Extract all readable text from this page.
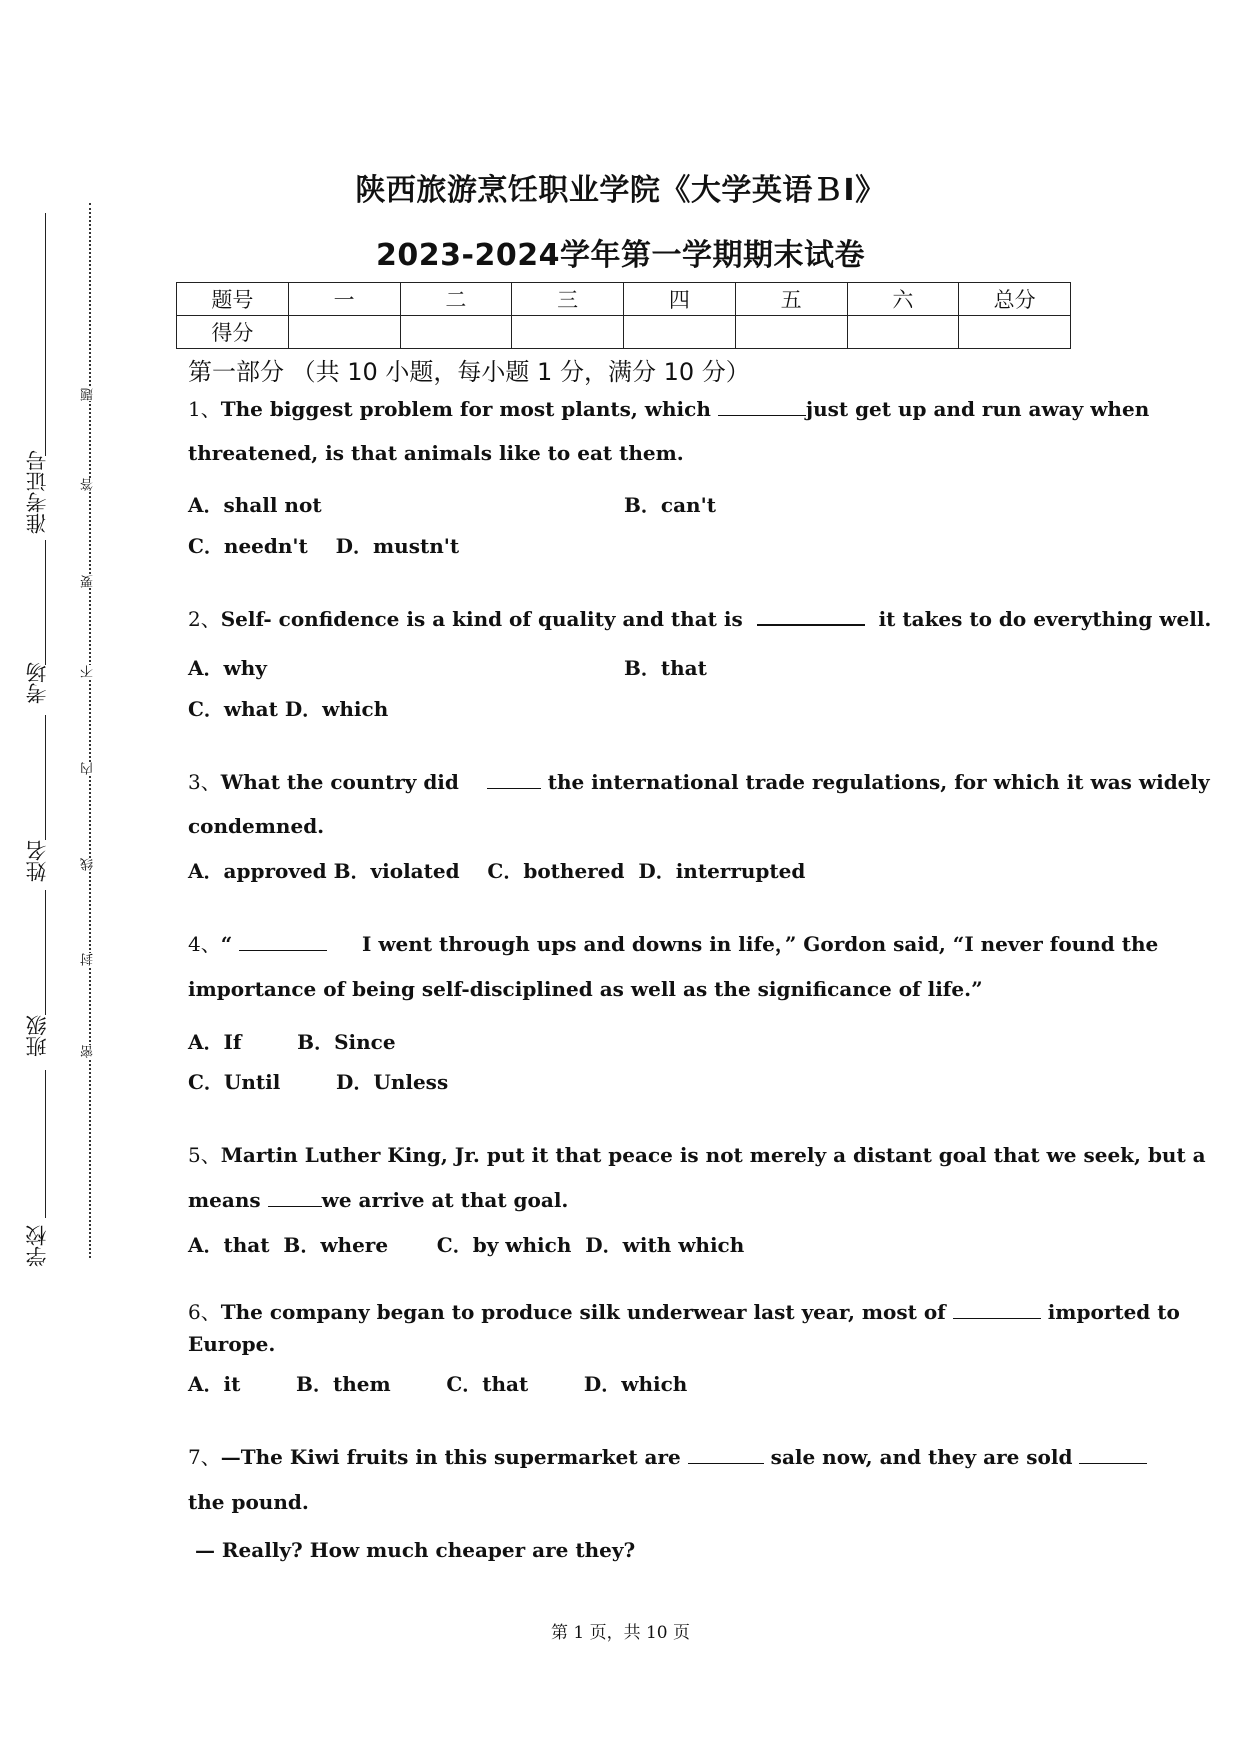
准考证号
考场
姓名
班级
学校
题
答
要
不
内
线
封
密
陕西旅游烹饪职业学院《大学英语ＢⅠ》
2023-2024学年第一学期期末试卷
题号	一	二	三	四	五	六	总分
得分							
第一部分 （共 10 小题，每小题 1 分，满分 10 分）
1、The biggest problem for most plants, which	just get up and run away when
threatened, is that animals like to eat them.
A．shall not	B．can't
C．needn't    D．mustn't
2、Self- confidence is a kind of quality and that is	it takes to do everything well.
A．why	B．that
C．what D．which
3、What the country did	the international trade regulations, for which it was widely
condemned.
A．approved B．violated    C．bothered  D．interrupted
4、“	I went through ups and downs in life，” Gordon said, “I never found the
importance of being self-disciplined as well as the significance of life.”
A．If        B．Since
C．Until        D．Unless
5、Martin Luther King, Jr. put it that peace is not merely a distant goal that we seek, but a
means	we arrive at that goal.
A．that  B．where       C．by which  D．with which
6、The company began to produce silk underwear last year, most of	imported to
Europe.
A．it        B．them        C．that        D．which
7、—The Kiwi fruits in this supermarket are	sale now, and they are sold
the pound.
— Really? How much cheaper are they?
第 1 页，共 10 页
